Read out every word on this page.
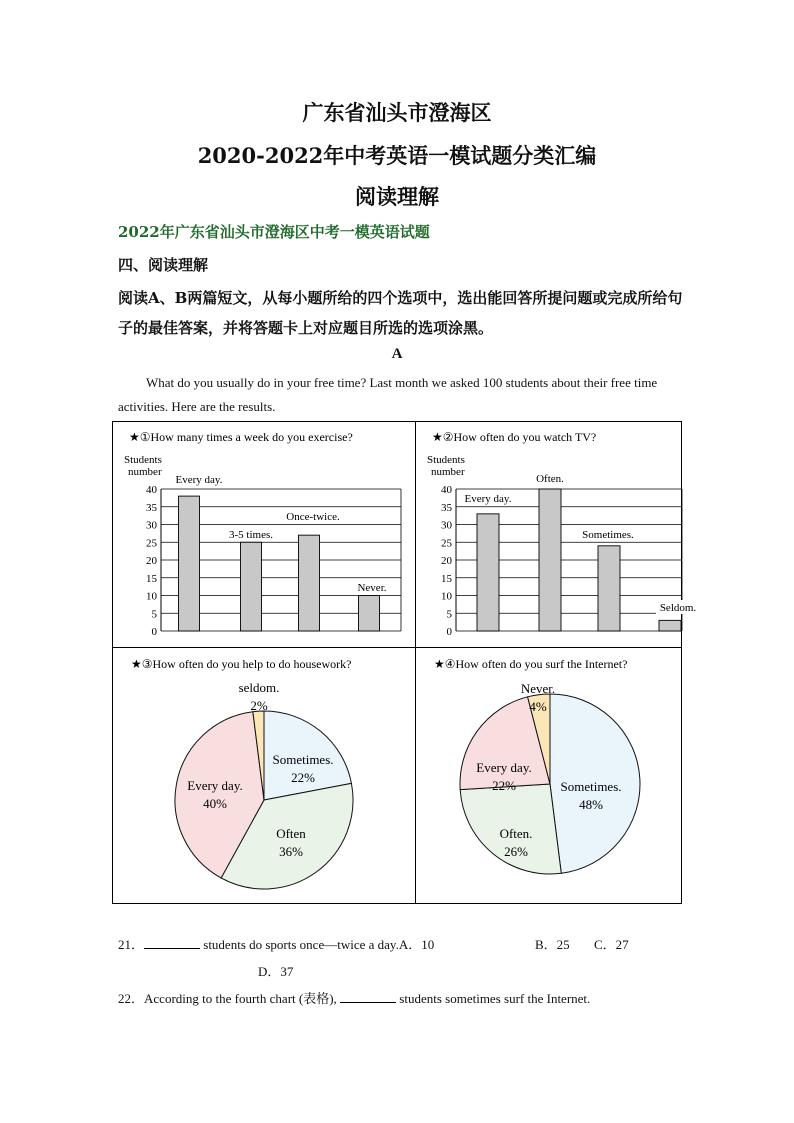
广东省汕头市澄海区
2020-2022年中考英语一模试题分类汇编
阅读理解
2022年广东省汕头市澄海区中考一模英语试题
四、阅读理解
阅读A、B两篇短文，从每小题所给的四个选项中，选出能回答所提问题或完成所给句子的最佳答案，并将答题卡上对应题目所选的选项涂黑。
A
What do you usually do in your free time? Last month we asked 100 students about their free time activities. Here are the results.
★①How many times a week do you exercise?
Students
number
0
5
10
15
20
25
30
35
40
Every day.
3-5 times.
Once-twice.
Never.
★②How often do you watch TV?
Students
number
0
5
10
15
20
25
30
35
40
Every day.
Often.
Sometimes.
Seldom.
★③How often do you help to do housework?
Sometimes.
22%
Often
36%
Every day.
40%
seldom.
2%
★④How often do you surf the Internet?
Sometimes.
48%
Often.
26%
Every day.
22%
Never.
4%
21．	students do sports once—twice a day.A．10	B．25 C．27
D．37
22．According to the fourth chart (表格),	students sometimes surf the Internet.
